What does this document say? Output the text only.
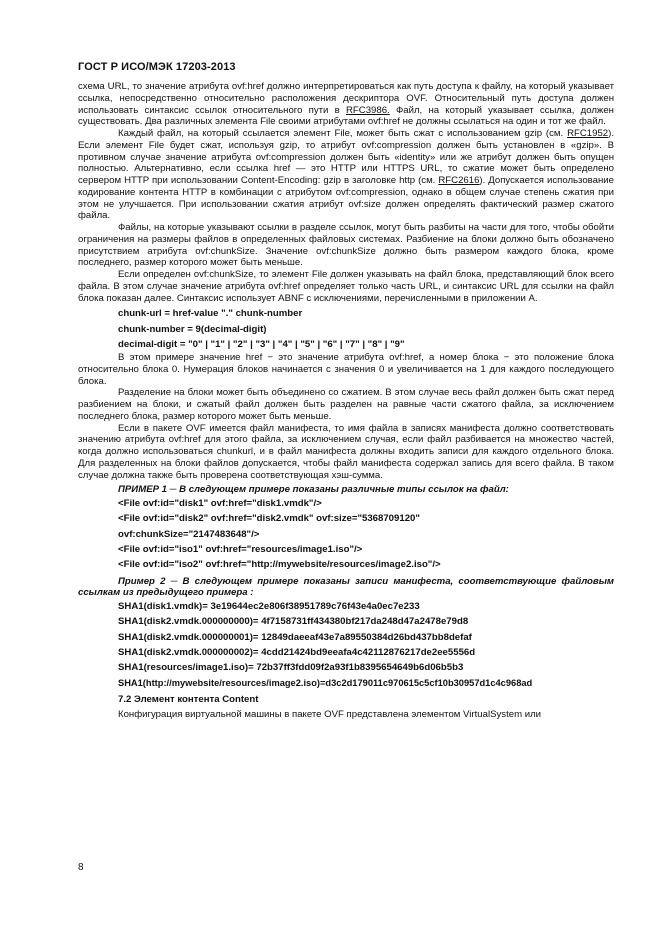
ГОСТ Р ИСО/МЭК 17203-2013

схема URL, то значение атрибута ovf:href должно интерпретироваться как путь доступа к файлу, на который указывает ссылка, непосредственно относительно расположения дескриптора OVF. Относительный путь доступа должен использовать синтаксис ссылок относительного пути в RFC3986. Файл, на который указывает ссылка, должен существовать. Два различных элемента File своими атрибутами ovf:href не должны ссылаться на один и тот же файл.

Каждый файл, на который ссылается элемент File, может быть сжат с использованием gzip (см. RFC1952). Если элемент File будет сжат, используя gzip, то атрибут ovf:compression должен быть установлен в «gzip». В противном случае значение атрибута ovf:compression должен быть «identity» или же атрибут должен быть опущен полностью. Альтернативно, если ссылка href — это HTTP или HTTPS URL, то сжатие может быть определено сервером HTTP при использовании Content-Encoding: gzip в заголовке http (см. RFC2616). Допускается использование кодирование контента HTTP в комбинации с атрибутом ovf:compression, однако в общем случае степень сжатия при этом не улучшается. При использовании сжатия атрибут ovf:size должен определять фактический размер сжатого файла.

Файлы, на которые указывают ссылки в разделе ссылок, могут быть разбиты на части для того, чтобы обойти ограничения на размеры файлов в определенных файловых системах. Разбиение на блоки должно быть обозначено присутствием атрибута ovf:chunkSize. Значение ovf:chunkSize должно быть размером каждого блока, кроме последнего, размер которого может быть меньше.

Если определен ovf:chunkSize, то элемент File должен указывать на файл блока, представляющий блок всего файла. В этом случае значение атрибута ovf:href определяет только часть URL, и синтаксис URL для ссылки на файл блока показан далее. Синтаксис использует ABNF с исключениями, перечисленными в приложении А.

chunk-url = href-value "." chunk-number
chunk-number = 9(decimal-digit)
decimal-digit = "0" | "1" | "2" | "3" | "4" | "5" | "6" | "7" | "8" | "9"

В этом примере значение href − это значение атрибута ovf:href, а номер блока − это положение блока относительно блока 0. Нумерация блоков начинается с значения 0 и увеличивается на 1 для каждого последующего блока.

Разделение на блоки может быть объединено со сжатием. В этом случае весь файл должен быть сжат перед разбиением на блоки, и сжатый файл должен быть разделен на равные части сжатого файла, за исключением последнего блока, размер которого может быть меньше.

Если в пакете OVF имеется файл манифеста, то имя файла в записях манифеста должно соответствовать значению атрибута ovf:href для этого файла, за исключением случая, если файл разбивается на множество частей, когда должно использоваться chunkurl, и в файл манифеста должны входить записи для каждого отдельного блока. Для разделенных на блоки файлов допускается, чтобы файл манифеста содержал запись для всего файла. В таком случае должна также быть проверена соответствующая хэш-сумма.

ПРИМЕР 1 ─ В следующем примере показаны различные типы ссылок на файл:

<File ovf:id="disk1" ovf:href="disk1.vmdk"/>
<File ovf:id="disk2" ovf:href="disk2.vmdk" ovf:size="5368709120"
ovf:chunkSize="2147483648"/>
<File ovf:id="iso1" ovf:href="resources/image1.iso"/>
<File ovf:id="iso2" ovf:href="http://mywebsite/resources/image2.iso"/>

Пример 2 ─ В следующем примере показаны записи манифеста, соответствующие файловым ссылкам из предыдущего примера :

SHA1(disk1.vmdk)= 3e19644ec2e806f38951789c76f43e4a0ec7e233
SHA1(disk2.vmdk.000000000)= 4f7158731ff434380bf217da248d47a2478e79d8
SHA1(disk2.vmdk.000000001)= 12849daeeaf43e7a89550384d26bd437bb8defaf
SHA1(disk2.vmdk.000000002)= 4cdd21424bd9eeafa4c42112876217de2ee5556d
SHA1(resources/image1.iso)= 72b37ff3fdd09f2a93f1b8395654649b6d06b5b3
SHA1(http://mywebsite/resources/image2.iso)=d3c2d179011c970615c5cf10b30957d1c4c968ad
7.2 Элемент контента Content

Конфигурация виртуальной машины в пакете OVF представлена элементом VirtualSystem или

8
